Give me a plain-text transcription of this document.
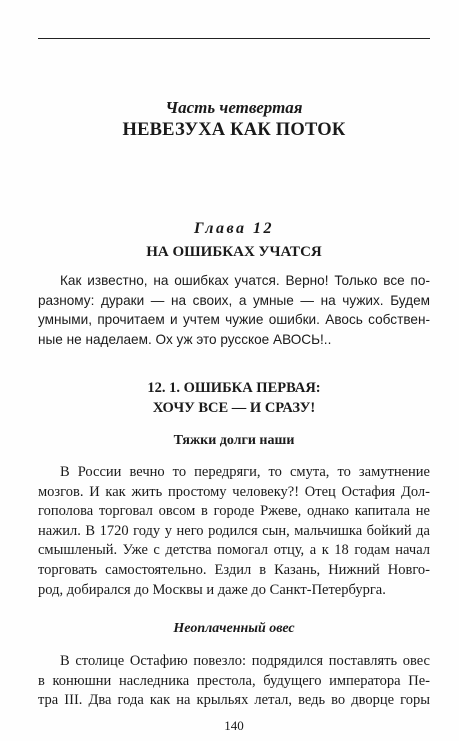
Часть четвертая
НЕВЕЗУХА КАК ПОТОК
Глава 12
НА ОШИБКАХ УЧАТСЯ
Как известно, на ошибках учатся. Верно! Только все по-
разному: дураки — на своих, а умные — на чужих. Будем
умными, прочитаем и учтем чужие ошибки. Авось собствен-
ные не наделаем. Ох уж это русское АВОСЬ!..
12. 1. ОШИБКА ПЕРВАЯ:
ХОЧУ ВСЕ — И СРАЗУ!
Тяжки долги наши
В России вечно то передряги, то смута, то замутнение
мозгов. И как жить простому человеку?! Отец Остафия Дол-
гополова торговал овсом в городе Ржеве, однако капитала не
нажил. В 1720 году у него родился сын, мальчишка бойкий да
смышленый. Уже с детства помогал отцу, а к 18 годам начал
торговать самостоятельно. Ездил в Казань, Нижний Новго-
род, добирался до Москвы и даже до Санкт-Петербурга.
Неоплаченный овес
В столице Остафию повезло: подрядился поставлять овес
в конюшни наследника престола, будущего императора Пе-
тра III. Два года как на крыльях летал, ведь во дворце горы
140
